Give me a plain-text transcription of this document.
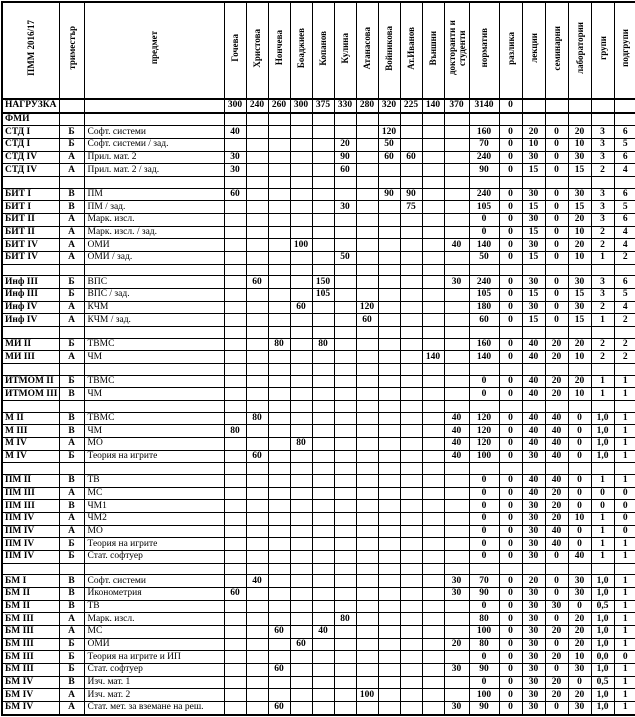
ПММ 2016/17	триместър	предмет	Гочева	Христова	Нончева	Боаджиев	Копанов	Кулина	Атанасова	Войникова	Ат.Иванов	Външни	докторанти и студенти	норматив	разлика	лекции	семинарни	лаборатории	групи	подгрупи
НАГРУЗКА			300	240	260	300	375	330	280	320	225	140	370	3140	0					
ФМИ																				
СТД I	Б	Софт. системи	40							120				160	0	20	0	20	3	6
СТД I	Б	Софт. системи / зад.						20		50				70	0	10	0	10	3	5
СТД IV	А	Прил. мат. 2	30					90		60	60			240	0	30	0	30	3	6
СТД IV	А	Прил. мат. 2 / зад.	30					60						90	0	15	0	15	2	4

БИТ I	В	ПМ	60							90	90			240	0	30	0	30	3	6
БИТ I	В	ПМ / зад.						30			75			105	0	15	0	15	3	5
БИТ II	А	Марк. изсл.												0	0	30	0	20	3	6
БИТ II	А	Марк. изсл. / зад.												0	0	15	0	10	2	4
БИТ IV	А	ОМИ				100							40	140	0	30	0	20	2	4
БИТ IV	А	ОМИ / зад.						50						50	0	15	0	10	1	2

Инф III	Б	ВПС		60			150						30	240	0	30	0	30	3	6
Инф III	Б	ВПС / зад.					105							105	0	15	0	15	3	5
Инф IV	А	КЧМ				60			120					180	0	30	0	30	2	4
Инф IV	А	КЧМ / зад.							60					60	0	15	0	15	1	2

МИ II	Б	ТВМС			80		80							160	0	40	20	20	2	2
МИ III	А	ЧМ										140		140	0	40	20	10	2	2

ИТМОМ II	Б	ТВМС												0	0	40	20	20	1	1
ИТМОМ III	В	ЧМ												0	0	40	20	10	1	1

М II	В	ТВМС		80									40	120	0	40	40	0	1,0	1
М III	В	ЧМ	80										40	120	0	40	40	0	1,0	1
М IV	А	МО				80							40	120	0	40	40	0	1,0	1
М IV	Б	Теория на игрите		60									40	100	0	30	40	0	1,0	1

ПМ II	В	ТВ												0	0	40	40	0	1	1
ПМ III	А	МС												0	0	40	20	0	0	0
ПМ III	В	ЧМ1												0	0	30	20	0	0	0
ПМ IV	А	ЧМ2												0	0	30	20	10	1	0
ПМ IV	А	МО												0	0	30	40	0	1	0
ПМ IV	Б	Теория на игрите												0	0	30	40	0	1	1
ПМ IV	Б	Стат. софтуер												0	0	30	0	40	1	1

БМ I	В	Софт. системи		40									30	70	0	20	0	30	1,0	1
БМ II	В	Иконометрия	60										30	90	0	30	0	30	1,0	1
БМ II	В	ТВ												0	0	30	30	0	0,5	1
БМ III	А	Марк. изсл.						80						80	0	30	0	20	1,0	1
БМ III	А	МС			60		40							100	0	30	20	20	1,0	1
БМ III	Б	ОМИ				60							20	80	0	30	0	20	1,0	1
БМ III	Б	Теория на игрите и ИП												0	0	30	20	10	0,0	0
БМ III	Б	Стат. софтуер			60								30	90	0	30	0	30	1,0	1
БМ IV	В	Изч. мат. 1												0	0	30	20	0	0,5	1
БМ IV	А	Изч. мат. 2							100					100	0	30	20	20	1,0	1
БМ IV	А	Стат. мет. за вземане на реш.			60								30	90	0	30	0	30	1,0	1
